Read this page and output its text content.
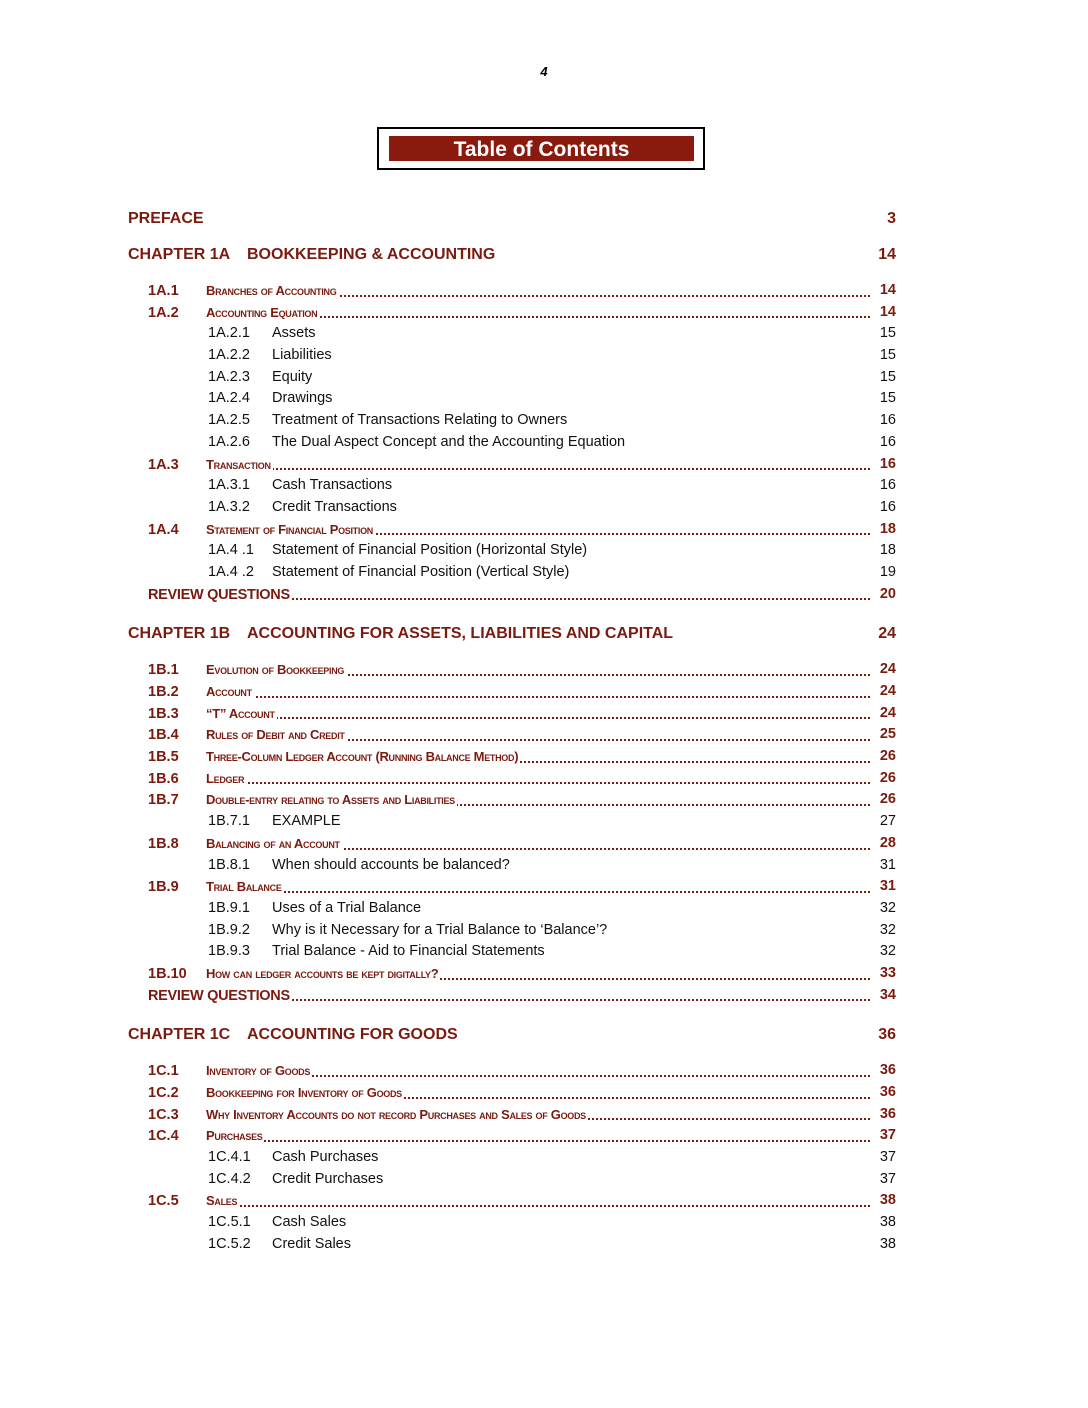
4
Table of Contents
PREFACE	3
CHAPTER 1A BOOKKEEPING & ACCOUNTING	14
1A.1 Branches of Accounting	14
1A.2 Accounting Equation	14
1A.2.1 Assets	15
1A.2.2 Liabilities	15
1A.2.3 Equity	15
1A.2.4 Drawings	15
1A.2.5 Treatment of Transactions Relating to Owners	16
1A.2.6 The Dual Aspect Concept and the Accounting Equation	16
1A.3 Transaction	16
1A.3.1 Cash Transactions	16
1A.3.2 Credit Transactions	16
1A.4 Statement of Financial Position	18
1A.4 .1 Statement of Financial Position (Horizontal Style)	18
1A.4 .2 Statement of Financial Position (Vertical Style)	19
REVIEW QUESTIONS	20
CHAPTER 1B ACCOUNTING FOR ASSETS, LIABILITIES AND CAPITAL	24
1B.1 Evolution of Bookkeeping	24
1B.2 Account	24
1B.3 “T” Account	24
1B.4 Rules of Debit and Credit	25
1B.5 Three-Column Ledger Account (Running Balance Method)	26
1B.6 Ledger	26
1B.7 Double-entry relating to Assets and Liabilities	26
1B.7.1 EXAMPLE	27
1B.8 Balancing of an Account	28
1B.8.1 When should accounts be balanced?	31
1B.9 Trial Balance	31
1B.9.1 Uses of a Trial Balance	32
1B.9.2 Why is it Necessary for a Trial Balance to ‘Balance’?	32
1B.9.3 Trial Balance - Aid to Financial Statements	32
1B.10 How can ledger accounts be kept digitally?	33
REVIEW QUESTIONS	34
CHAPTER 1C ACCOUNTING FOR GOODS	36
1C.1 Inventory of Goods	36
1C.2 Bookkeeping for Inventory of Goods	36
1C.3 Why Inventory Accounts do not record Purchases and Sales of Goods	36
1C.4 Purchases	37
1C.4.1 Cash Purchases	37
1C.4.2 Credit Purchases	37
1C.5 Sales	38
1C.5.1 Cash Sales	38
1C.5.2 Credit Sales	38
